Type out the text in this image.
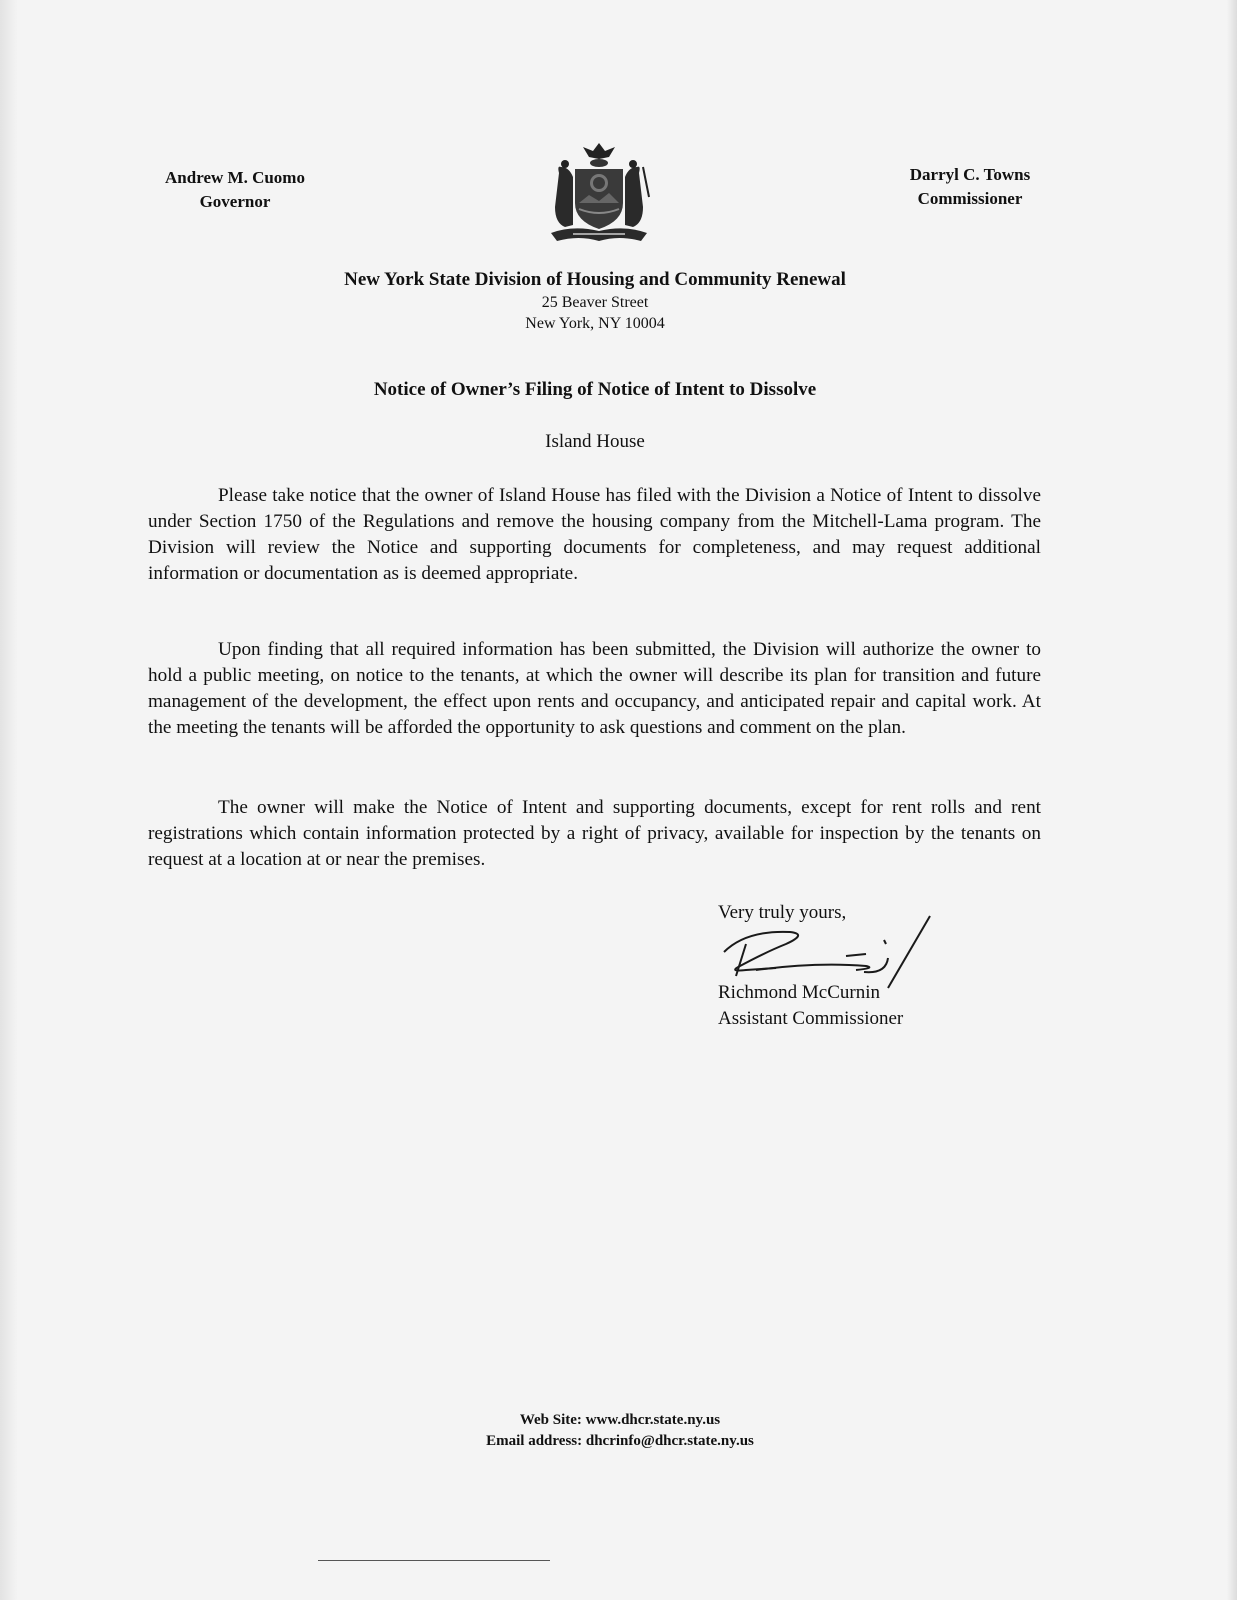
Andrew M. Cuomo
Governor
Darryl C. Towns
Commissioner
New York State Division of Housing and Community Renewal
25 Beaver Street
New York, NY 10004
Notice of Owner’s Filing of Notice of Intent to Dissolve
Island House

Please take notice that the owner of Island House has filed with the Division a Notice of Intent to dissolve under Section 1750 of the Regulations and remove the housing company from the Mitchell-Lama program. The Division will review the Notice and supporting documents for completeness, and may request additional information or documentation as is deemed appropriate.

Upon finding that all required information has been submitted, the Division will authorize the owner to hold a public meeting, on notice to the tenants, at which the owner will describe its plan for transition and future management of the development, the effect upon rents and occupancy, and anticipated repair and capital work. At the meeting the tenants will be afforded the opportunity to ask questions and comment on the plan.

The owner will make the Notice of Intent and supporting documents, except for rent rolls and rent registrations which contain information protected by a right of privacy, available for inspection by the tenants on request at a location at or near the premises.

Very truly yours,
Richmond McCurnin
Assistant Commissioner
Web Site: www.dhcr.state.ny.us
Email address: dhcrinfo@dhcr.state.ny.us
